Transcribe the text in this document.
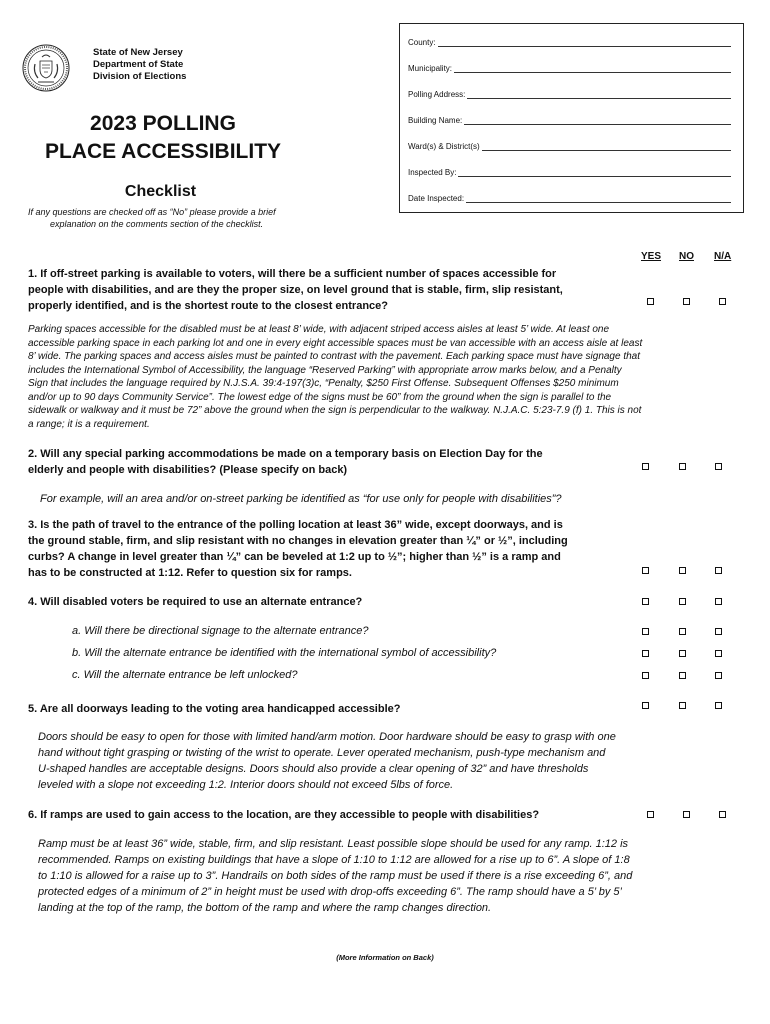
State of New Jersey
Department of State
Division of Elections
2023 POLLING
PLACE ACCESSIBILITY
Checklist
If any questions are checked off as “No” please provide a brief
explanation on the comments section of the checklist.
County:
Municipality:
Polling Address:
Building Name:
Ward(s) & District(s)
Inspected By:
Date Inspected:
YES NO N/A
1. If off-street parking is available to voters, will there be a sufficient number of spaces accessible for
people with disabilities, and are they the proper size, on level ground that is stable, firm, slip resistant,
properly identified, and is the shortest route to the closest entrance?
Parking spaces accessible for the disabled must be at least 8’ wide, with adjacent striped access aisles at least 5’ wide. At least one
accessible parking space in each parking lot and one in every eight accessible spaces must be van accessible with an access aisle at least
8’ wide. The parking spaces and access aisles must be painted to contrast with the pavement. Each parking space must have signage that
includes the International Symbol of Accessibility, the language “Reserved Parking” with appropriate arrow marks below, and a Penalty
Sign that includes the language required by N.J.S.A. 39:4-197(3)c, “Penalty, $250 First Offense. Subsequent Offenses $250 minimum
and/or up to 90 days Community Service”. The lowest edge of the signs must be 60” from the ground when the sign is parallel to the
sidewalk or walkway and it must be 72” above the ground when the sign is perpendicular to the walkway. N.J.A.C. 5:23-7.9 (f) 1. This is not
a range; it is a requirement.
2. Will any special parking accommodations be made on a temporary basis on Election Day for the
elderly and people with disabilities? (Please specify on back)
For example, will an area and/or on-street parking be identified as “for use only for people with disabilities”?
3. Is the path of travel to the entrance of the polling location at least 36” wide, except doorways, and is
the ground stable, firm, and slip resistant with no changes in elevation greater than ¼” or ½”, including
curbs? A change in level greater than ¼” can be beveled at 1:2 up to ½”; higher than ½” is a ramp and
has to be constructed at 1:12. Refer to question six for ramps.
4. Will disabled voters be required to use an alternate entrance?
a. Will there be directional signage to the alternate entrance?
b. Will the alternate entrance be identified with the international symbol of accessibility?
c. Will the alternate entrance be left unlocked?
5. Are all doorways leading to the voting area handicapped accessible?
Doors should be easy to open for those with limited hand/arm motion. Door hardware should be easy to grasp with one
hand without tight grasping or twisting of the wrist to operate. Lever operated mechanism, push-type mechanism and
U-shaped handles are acceptable designs. Doors should also provide a clear opening of 32” and have thresholds
leveled with a slope not exceeding 1:2. Interior doors should not exceed 5lbs of force.
6. If ramps are used to gain access to the location, are they accessible to people with disabilities?
Ramp must be at least 36” wide, stable, firm, and slip resistant. Least possible slope should be used for any ramp. 1:12 is
recommended. Ramps on existing buildings that have a slope of 1:10 to 1:12 are allowed for a rise up to 6”. A slope of 1:8
to 1:10 is allowed for a raise up to 3”. Handrails on both sides of the ramp must be used if there is a rise exceeding 6”, and
protected edges of a minimum of 2” in height must be used with drop-offs exceeding 6”. The ramp should have a 5’ by 5’
landing at the top of the ramp, the bottom of the ramp and where the ramp changes direction.
(More Information on Back)
